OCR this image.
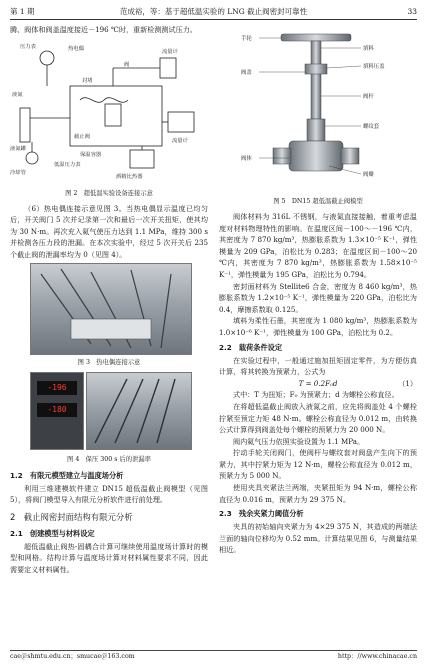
第 1 期	范成裕，等：基于超低温实验的 LNG 截止阀密封可靠性	33

腾、阀体和阀盖温度接近－196 ℃时，重新检测测试压力。

压力表	热电偶	流量计
液氮
液氮罐
封堵
冷却管
截止阀
酒精比热器
流量计
低温压力表
保温容器
阀

图 2　超低温实验设备连接示意

（6）热电偶连接示意见图 3。当热电偶显示温度已均匀后，开关阀门 5 次并记录第一次和最后一次开关扭矩，使其均为 30 N·m。再次充入氦气使压力达到 1.1 MPa，维持 300 s 并检测各压力段的泄漏。在本次实验中，经过 5 次开关后 235 个截止阀的泄漏率均为 0（见图 4）。

图 3　热电偶连接示意

-196
-180

图 4　保压 300 s 后的泄漏率

1.2　有限元模型建立与温度场分析

利用三维建模软件建立 DN15 超低温截止阀模型（见图 5），将阀门模型导入有限元分析软件进行前处理。

2　截止阀密封面结构有限元分析
2.1　创建模型与材料设定

超低温截止阀热-固耦合计算可继续使用温度场计算时的模型和网格。结构计算与温度场计算对材料属性要求不同，因此需要定义材料属性。

手轮
阀盖
填料
填料压盖
阀杆
阀体
螺纹套
阀瓣

图 5　DN15 超低温截止阀模型

阀体材料为 316L 不锈钢，与液氮直接接触，着重考虑温度对材料物理特性的影响。在温度区间－100～－196 ℃内，其密度为 7 870 kg/m³，热膨胀系数为 1.3×10⁻⁵ K⁻¹，弹性模量为 209 GPa，泊松比为 0.283；在温度区间－100～20 ℃内，其密度为 7 870 kg/m³，热膨胀系数为 1.58×10⁻⁵ K⁻¹，弹性模量为 195 GPa，泊松比为 0.794。

密封面材料为 Stellite6 合金，密度为 8 460 kg/m³，热膨胀系数为 1.2×10⁻⁵ K⁻¹，弹性模量为 220 GPa，泊松比为 0.4，摩擦系数取 0.125。

填料为柔性石墨，其密度为 1 080 kg/m³，热膨胀系数为 1.0×10⁻⁶ K⁻¹，弹性模量为 100 GPa，泊松比为 0.2。

2.2　载荷条件设定

在实验过程中，一般通过施加扭矩固定零件，为方便仿真计算，将其转换为预紧力，公式为

T = 0.2F₀d	（1）

式中：T 为扭矩；F₀ 为预紧力；d 为螺栓公称直径。

在将超低温截止阀放入液氮之前，应先将阀盖处 4 个螺栓拧紧至预定力矩 48 N·m。螺栓公称直径为 0.012 m，由转换公式计算得到阀盖处每个螺栓的预紧力为 20 000 N。

阀内氦气压力依照实验设置为 1.1 MPa。

拧动手轮关闭阀门，使阀杆与螺纹套对阀盘产生向下的预紧力，其中拧紧力矩为 12 N·m，螺栓公称直径为 0.012 m，预紧力为 5 000 N。

使用夹具夹紧法兰两端，夹紧扭矩为 94 N·m，螺栓公称直径为 0.016 m，预紧力为 29 375 N。

2.3　残余夹紧力阈值分析

夹具的初始轴向夹紧力为 4×29 375 N，其造成的两端法兰面的轴向位移均为 0.52 mm。计算结果见图 6，与测量结果相近。

cae＠shmtu.edu.cn；smucae＠163.com	http：//www.chinacae.cn
